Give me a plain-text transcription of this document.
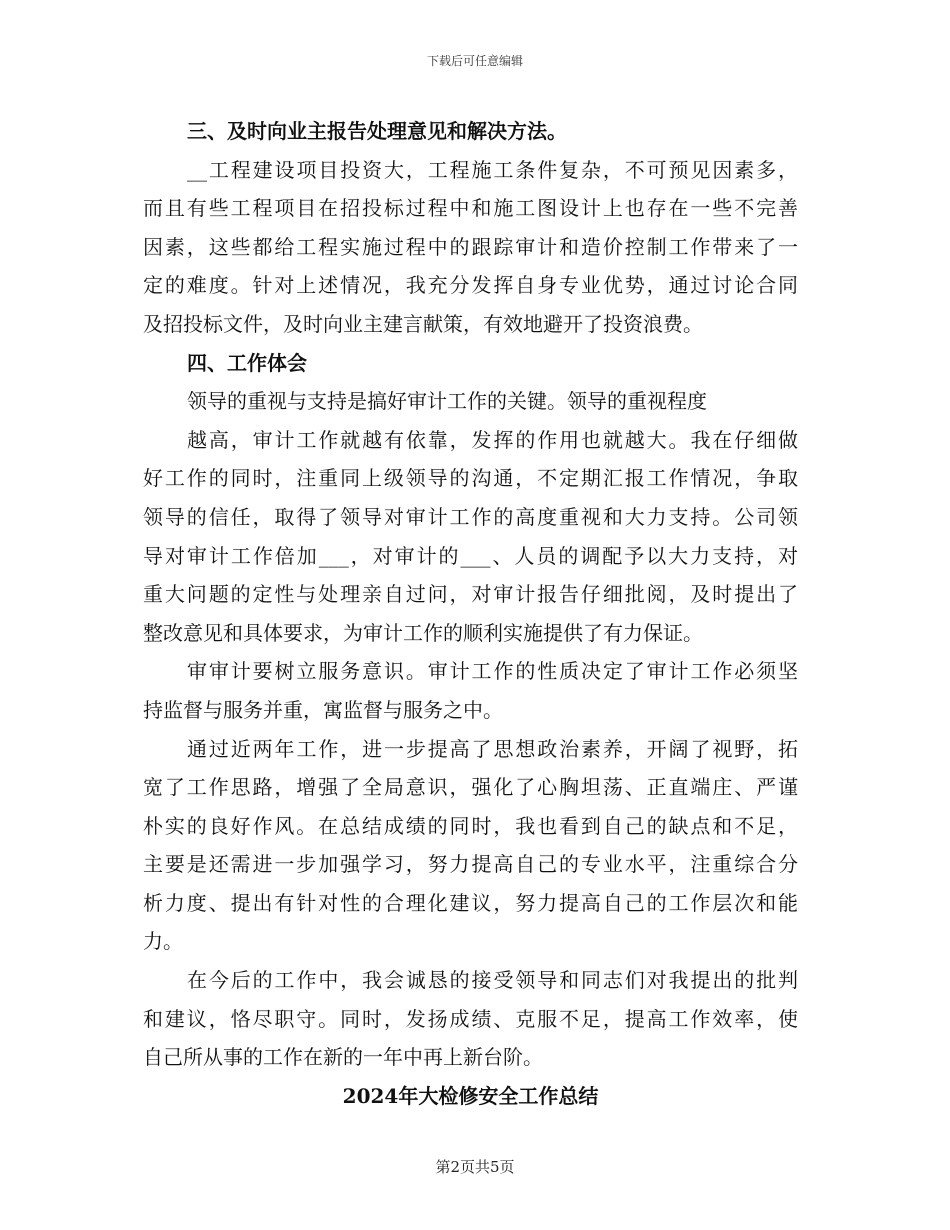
下载后可任意编辑
三、及时向业主报告处理意见和解决方法。
__工程建设项目投资大，工程施工条件复杂，不可预见因素多，
而且有些工程项目在招投标过程中和施工图设计上也存在一些不完善
因素，这些都给工程实施过程中的跟踪审计和造价控制工作带来了一
定的难度。针对上述情况，我充分发挥自身专业优势，通过讨论合同
及招投标文件，及时向业主建言献策，有效地避开了投资浪费。
四、工作体会
领导的重视与支持是搞好审计工作的关键。领导的重视程度
越高，审计工作就越有依靠，发挥的作用也就越大。我在仔细做
好工作的同时，注重同上级领导的沟通，不定期汇报工作情况，争取
领导的信任，取得了领导对审计工作的高度重视和大力支持。公司领
导对审计工作倍加___，对审计的___、人员的调配予以大力支持，对
重大问题的定性与处理亲自过问，对审计报告仔细批阅，及时提出了
整改意见和具体要求，为审计工作的顺利实施提供了有力保证。
审审计要树立服务意识。审计工作的性质决定了审计工作必须坚
持监督与服务并重，寓监督与服务之中。
通过近两年工作，进一步提高了思想政治素养，开阔了视野，拓
宽了工作思路，增强了全局意识，强化了心胸坦荡、正直端庄、严谨
朴实的良好作风。在总结成绩的同时，我也看到自己的缺点和不足，
主要是还需进一步加强学习，努力提高自己的专业水平，注重综合分
析力度、提出有针对性的合理化建议，努力提高自己的工作层次和能
力。
在今后的工作中，我会诚恳的接受领导和同志们对我提出的批判
和建议，恪尽职守。同时，发扬成绩、克服不足，提高工作效率，使
自己所从事的工作在新的一年中再上新台阶。
2024年大检修安全工作总结
第2页共5页
